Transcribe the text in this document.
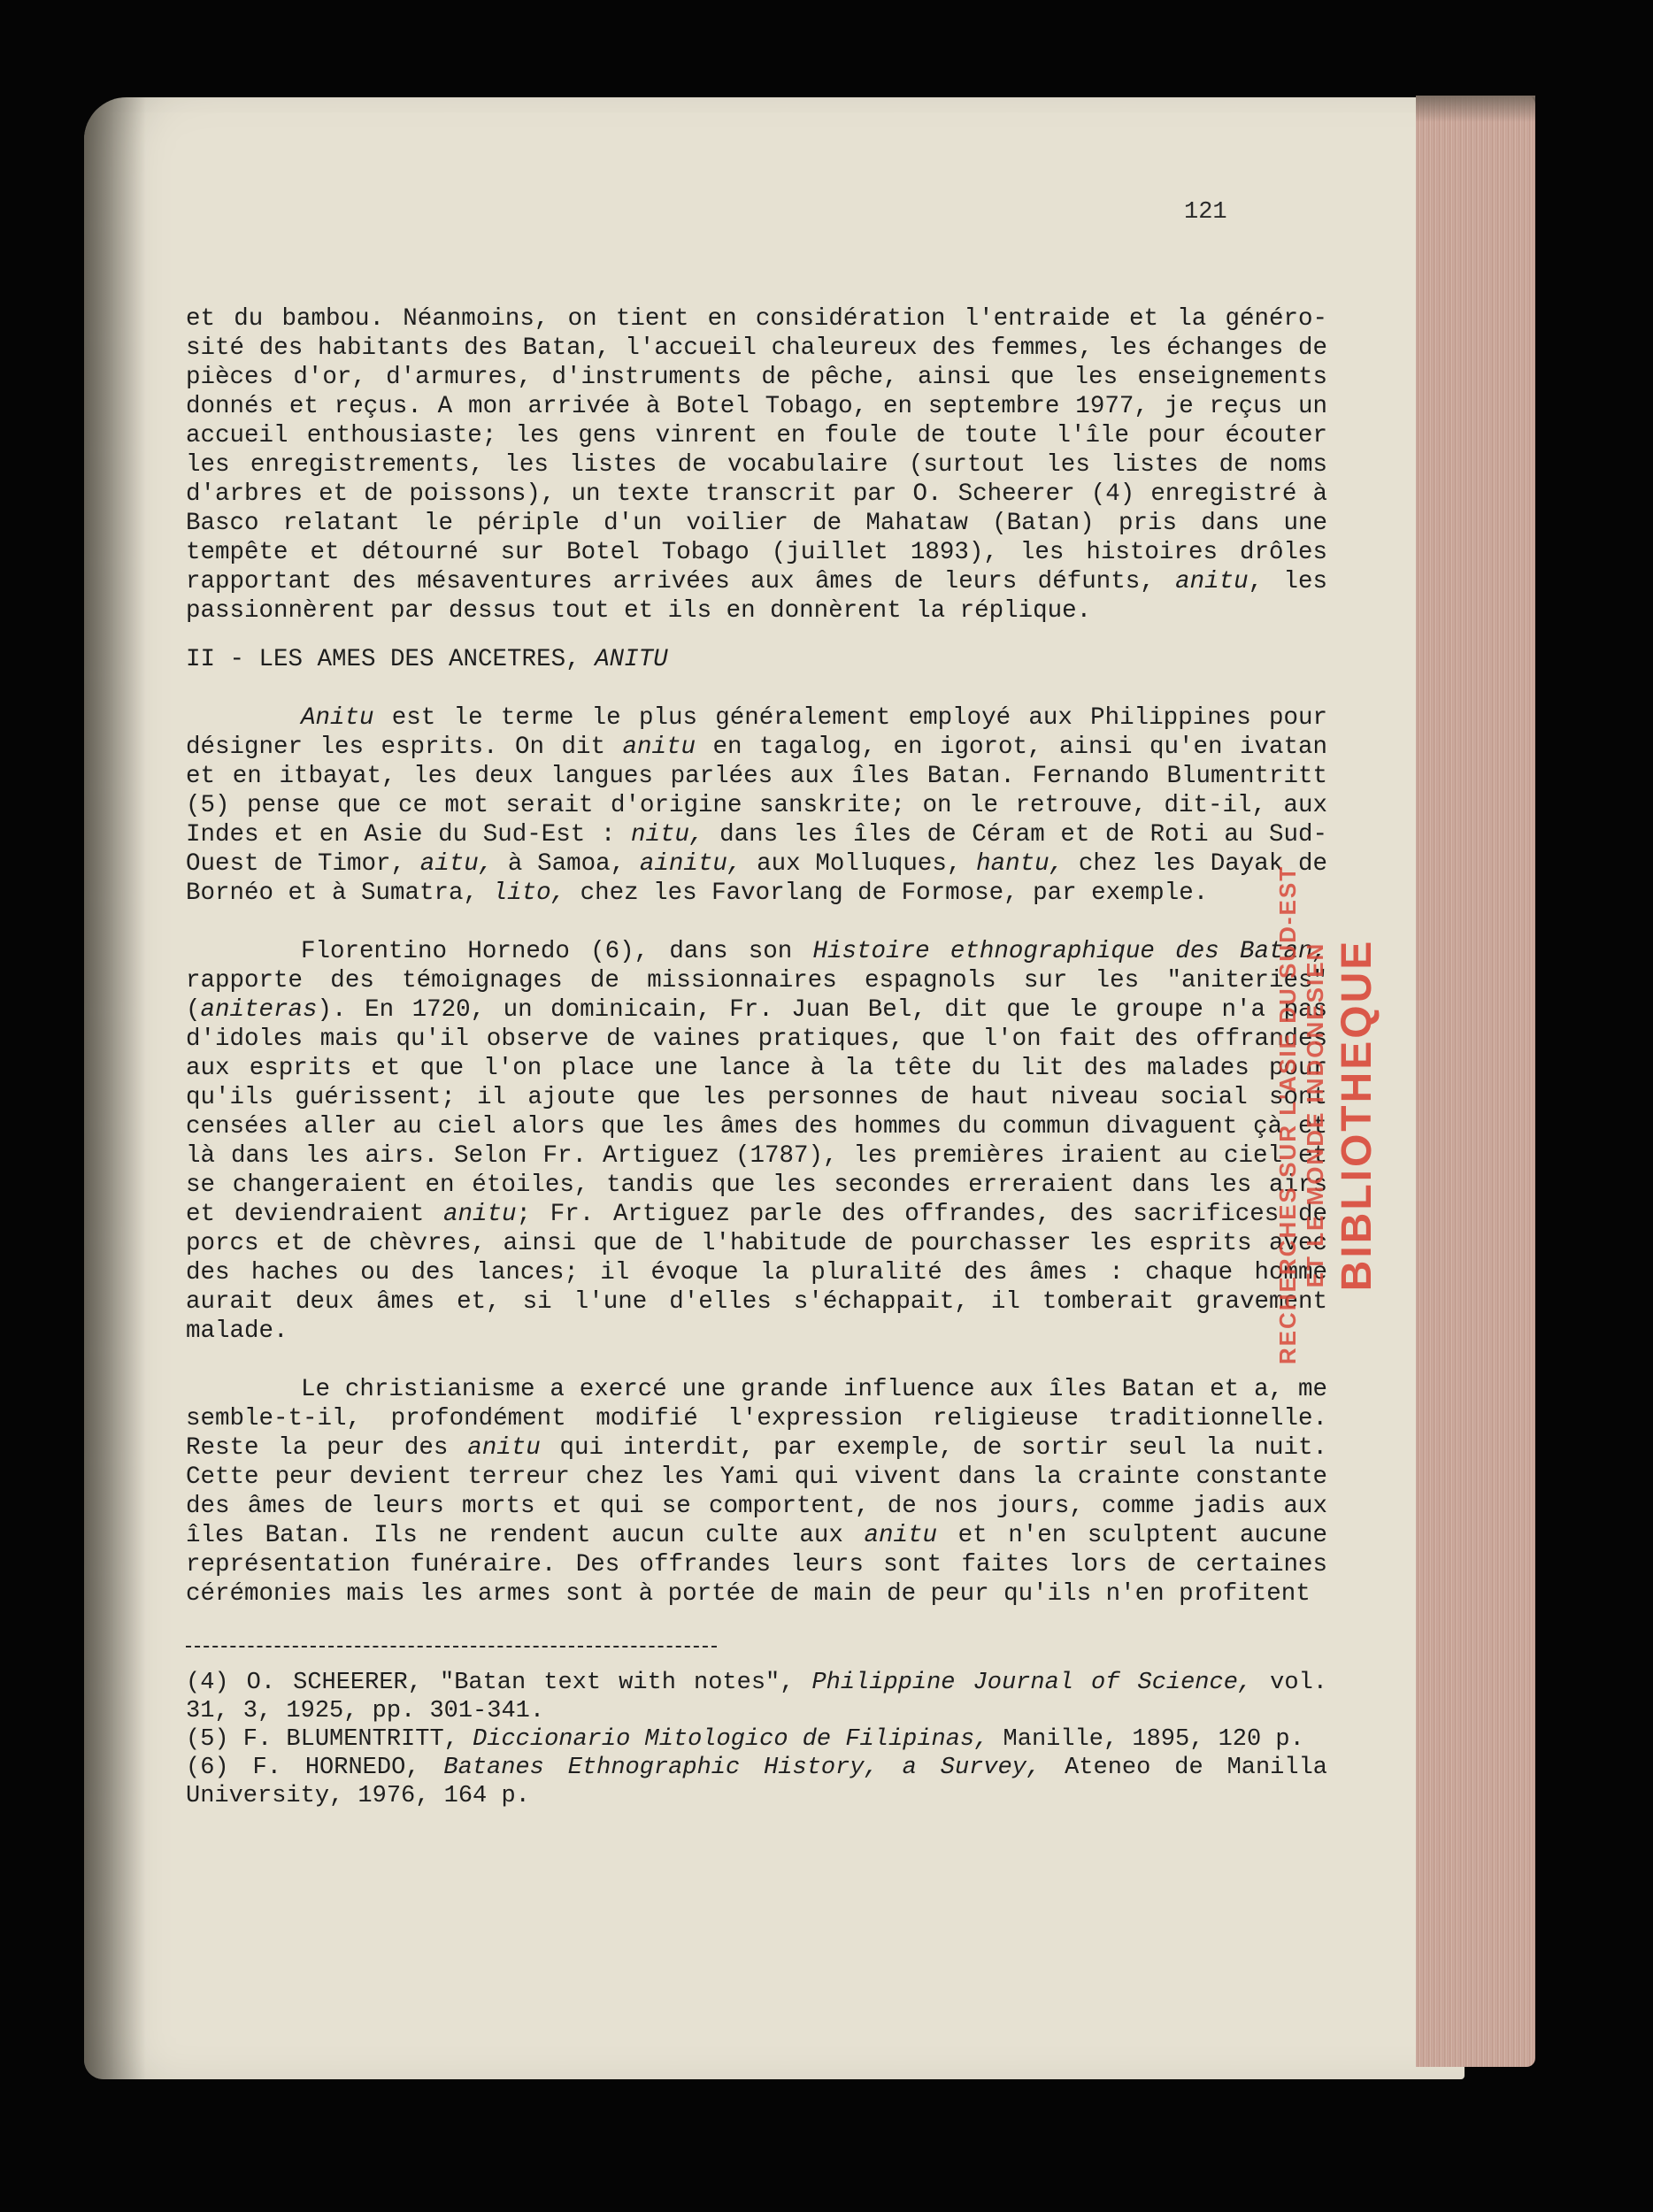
121

et du bambou. Néanmoins, on tient en considération l'entraide et la généro-sité des habitants des Batan, l'accueil chaleureux des femmes, les échanges de pièces d'or, d'armures, d'instruments de pêche, ainsi que les enseignements donnés et reçus. A mon arrivée à Botel Tobago, en septembre 1977, je reçus un accueil enthousiaste; les gens vinrent en foule de toute l'île pour écouter les enregistrements, les listes de vocabulaire (surtout les listes de noms d'arbres et de poissons), un texte transcrit par O. Scheerer (4) enregistré à Basco relatant le périple d'un voilier de Mahataw (Batan) pris dans une tempête et détourné sur Botel Tobago (juillet 1893), les histoires drôles rapportant des mésaventures arrivées aux âmes de leurs défunts, anitu, les passionnèrent par dessus tout et ils en donnèrent la réplique.

II - LES AMES DES ANCETRES, ANITU

Anitu est le terme le plus généralement employé aux Philippines pour désigner les esprits. On dit anitu en tagalog, en igorot, ainsi qu'en ivatan et en itbayat, les deux langues parlées aux îles Batan. Fernando Blumentritt (5) pense que ce mot serait d'origine sanskrite; on le retrouve, dit-il, aux Indes et en Asie du Sud-Est : nitu, dans les îles de Céram et de Roti au Sud-Ouest de Timor, aitu, à Samoa, ainitu, aux Molluques, hantu, chez les Dayak de Bornéo et à Sumatra, lito, chez les Favorlang de Formose, par exemple.

Florentino Hornedo (6), dans son Histoire ethnographique des Batan, rapporte des témoignages de missionnaires espagnols sur les "aniteries" (aniteras). En 1720, un dominicain, Fr. Juan Bel, dit que le groupe n'a pas d'idoles mais qu'il observe de vaines pratiques, que l'on fait des offrandes aux esprits et que l'on place une lance à la tête du lit des malades pour qu'ils guérissent; il ajoute que les personnes de haut niveau social sont censées aller au ciel alors que les âmes des hommes du commun divaguent çà et là dans les airs. Selon Fr. Artiguez (1787), les premières iraient au ciel et se changeraient en étoiles, tandis que les secondes erreraient dans les airs et deviendraient anitu; Fr. Artiguez parle des offrandes, des sacrifices de porcs et de chèvres, ainsi que de l'habitude de pourchasser les esprits avec des haches ou des lances; il évoque la pluralité des âmes : chaque homme aurait deux âmes et, si l'une d'elles s'échappait, il tomberait gravement malade.

Le christianisme a exercé une grande influence aux îles Batan et a, me semble-t-il, profondément modifié l'expression religieuse traditionnelle. Reste la peur des anitu qui interdit, par exemple, de sortir seul la nuit. Cette peur devient terreur chez les Yami qui vivent dans la crainte constante des âmes de leurs morts et qui se comportent, de nos jours, comme jadis aux îles Batan. Ils ne rendent aucun culte aux anitu et n'en sculptent aucune représentation funéraire. Des offrandes leurs sont faites lors de certaines cérémonies mais les armes sont à portée de main de peur qu'ils n'en profitent

(4) O. SCHEERER, "Batan text with notes", Philippine Journal of Science, vol. 31, 3, 1925, pp. 301-341.

(5) F. BLUMENTRITT, Diccionario Mitologico de Filipinas, Manille, 1895, 120 p.

(6) F. HORNEDO, Batanes Ethnographic History, a Survey, Ateneo de Manilla University, 1976, 164 p.

RECHERCHES SUR L'ASIE DU SUD-EST ET LE MONDE INDONESIEN BIBLIOTHEQUE
